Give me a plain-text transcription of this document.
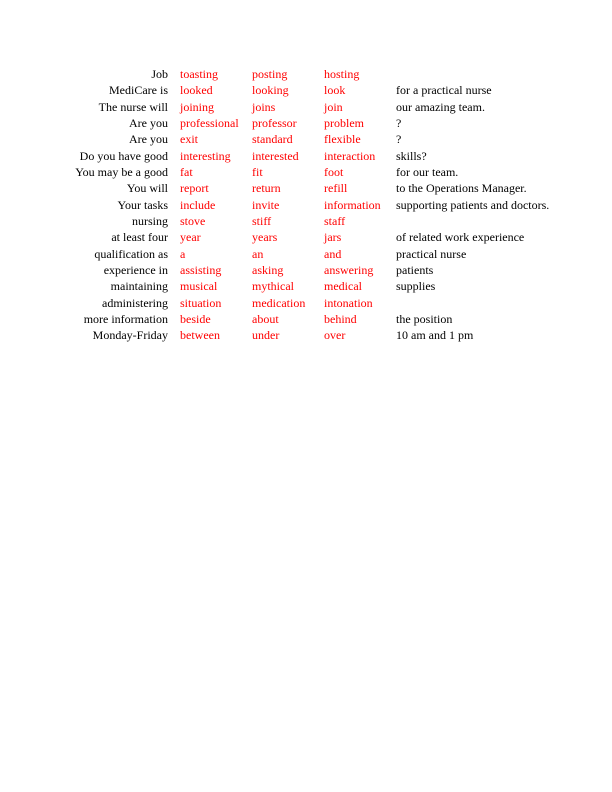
Job	toasting	posting	hosting
MediCare is	looked	looking	look	for a practical nurse
The nurse will	joining	joins	join	our amazing team.
Are you	professional	professor	problem	?
Are you	exit	standard	flexible	?
Do you have good	interesting	interested	interaction	skills?
You may be a good	fat	fit	foot	for our team.
You will	report	return	refill	to the Operations Manager.
Your tasks	include	invite	information	supporting patients and doctors.
nursing	stove	stiff	staff
at least four	year	years	jars	of related work experience
qualification as	a	an	and	practical nurse
experience in	assisting	asking	answering	patients
maintaining	musical	mythical	medical	supplies
administering	situation	medication	intonation
more information	beside	about	behind	the position
Monday-Friday	between	under	over	10 am and 1 pm
